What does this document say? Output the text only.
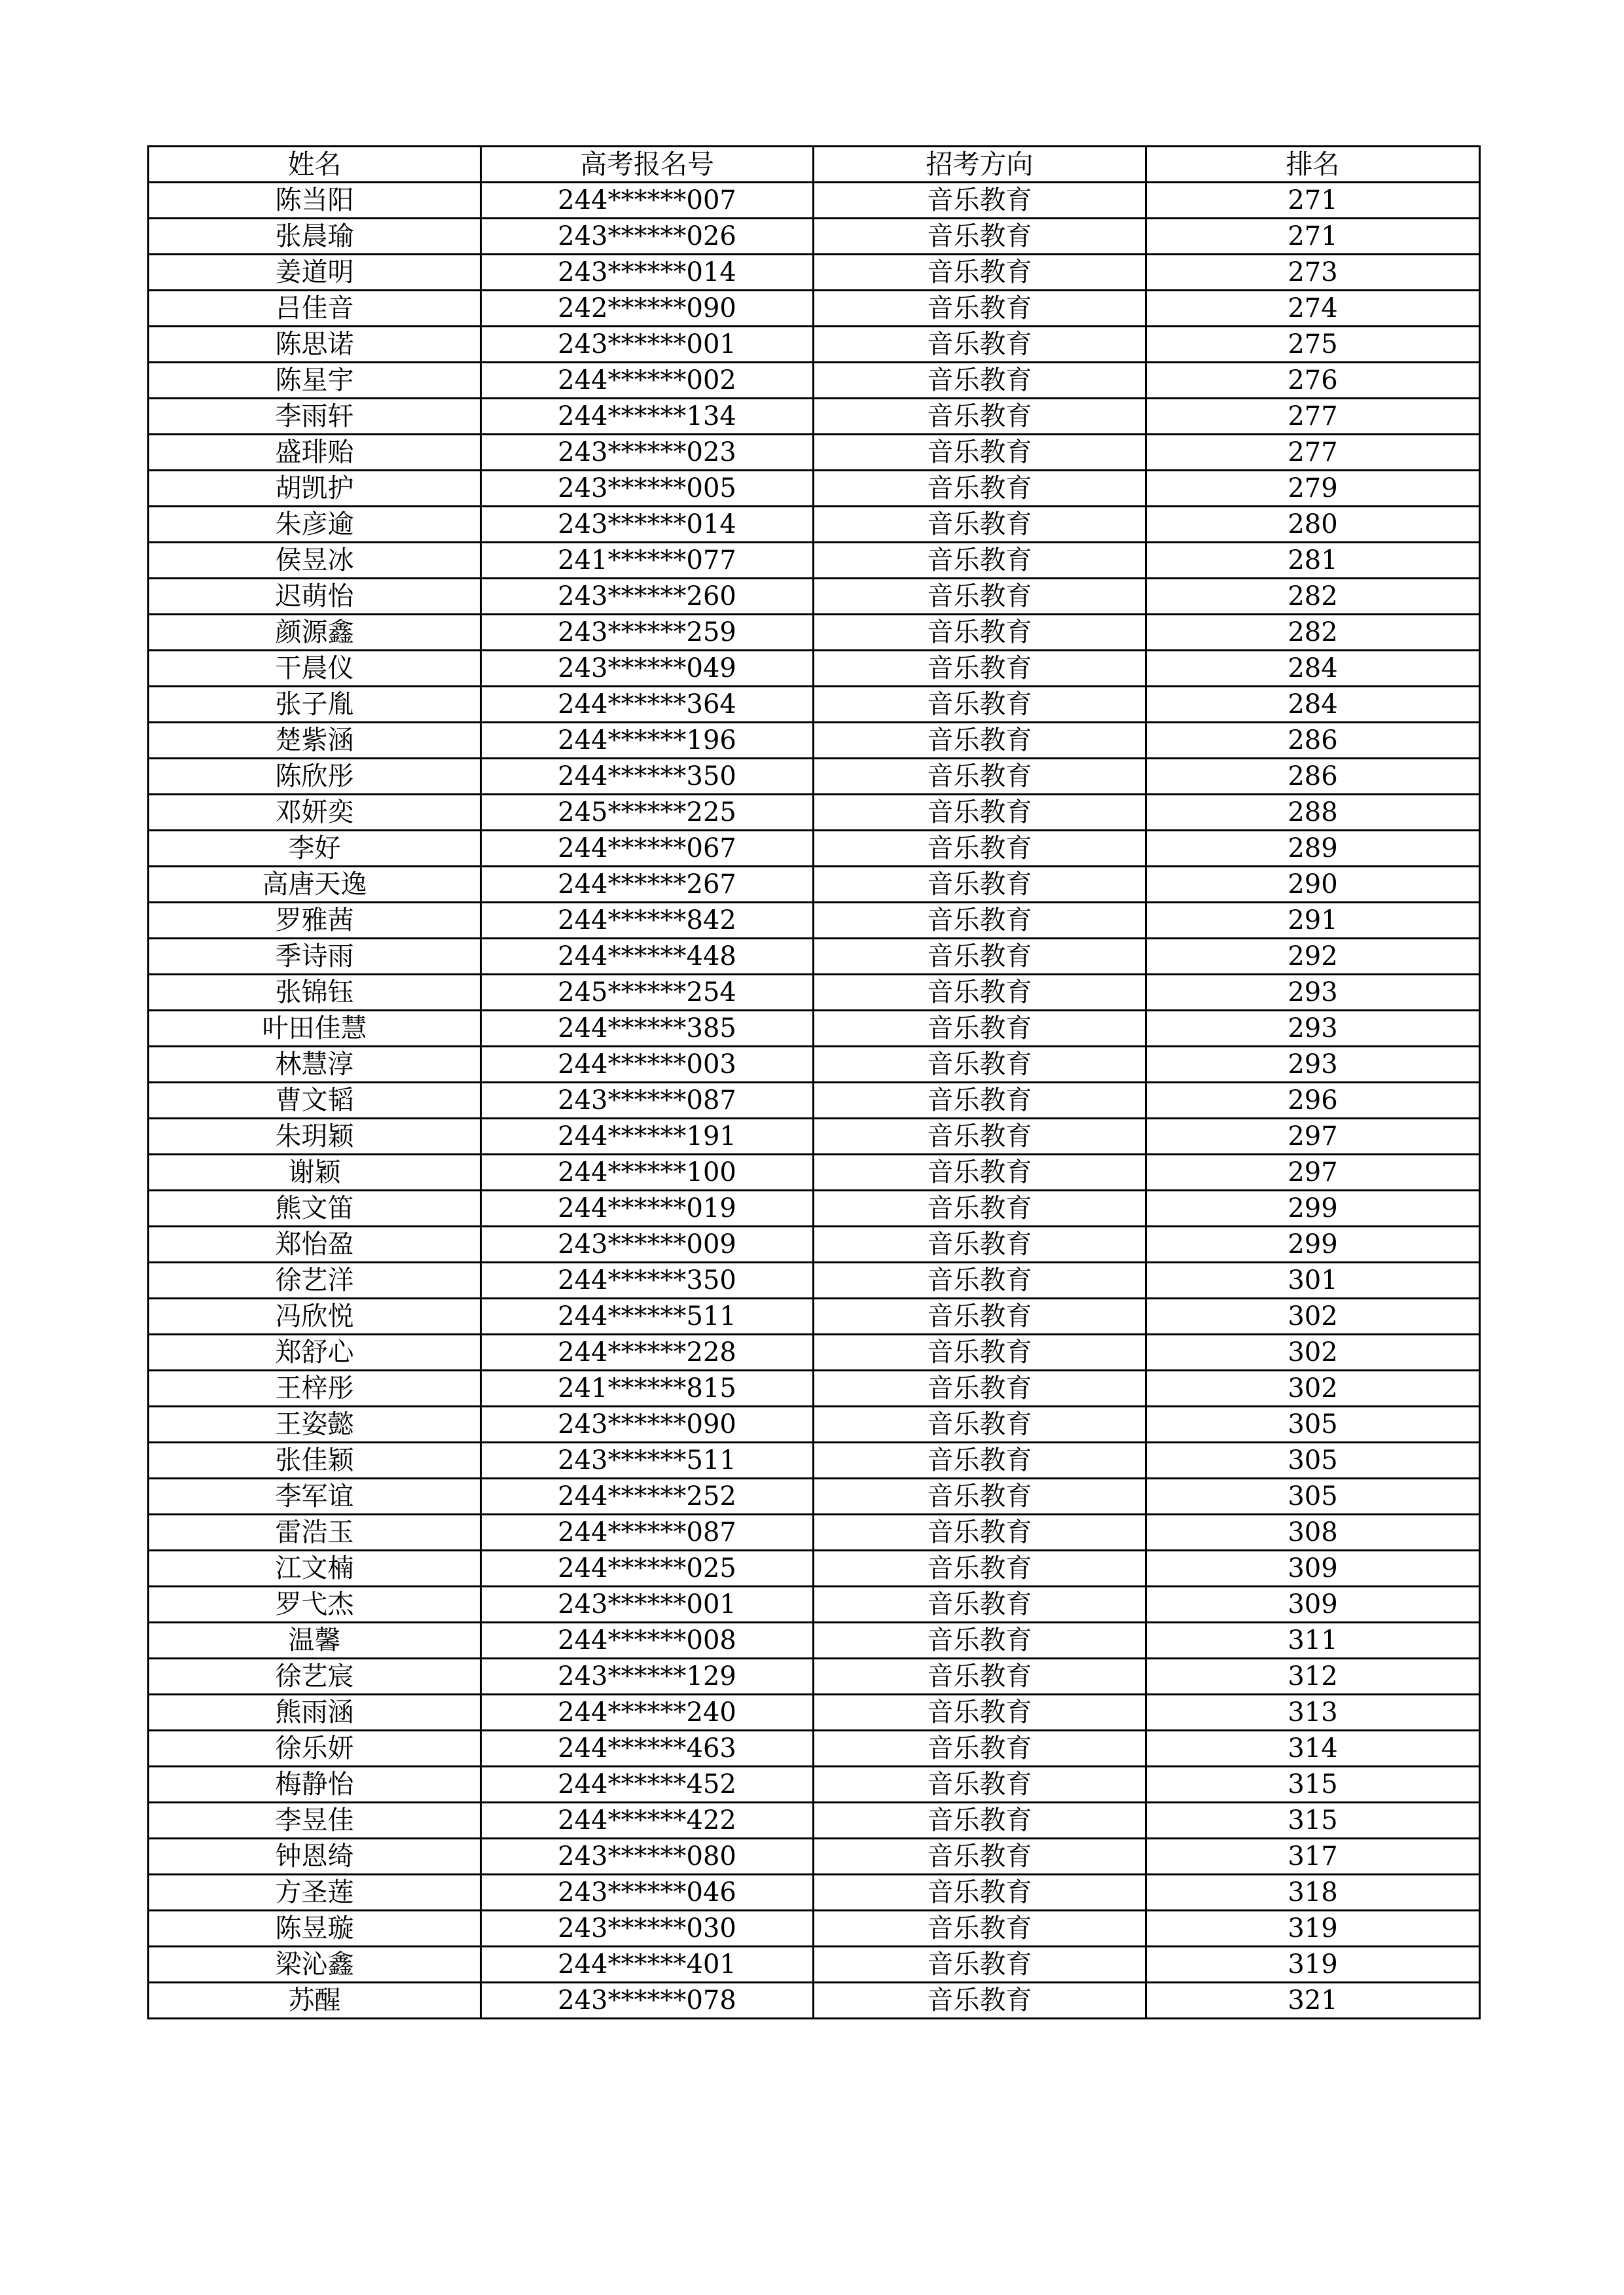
姓名	高考报名号	招考方向	排名
陈当阳	244******007	音乐教育	271
张晨瑜	243******026	音乐教育	271
姜道明	243******014	音乐教育	273
吕佳音	242******090	音乐教育	274
陈思诺	243******001	音乐教育	275
陈星宇	244******002	音乐教育	276
李雨轩	244******134	音乐教育	277
盛琲贻	243******023	音乐教育	277
胡凯护	243******005	音乐教育	279
朱彦逾	243******014	音乐教育	280
侯昱冰	241******077	音乐教育	281
迟萌怡	243******260	音乐教育	282
颜源鑫	243******259	音乐教育	282
干晨仪	243******049	音乐教育	284
张子胤	244******364	音乐教育	284
楚紫涵	244******196	音乐教育	286
陈欣彤	244******350	音乐教育	286
邓妍奕	245******225	音乐教育	288
李好	244******067	音乐教育	289
高唐天逸	244******267	音乐教育	290
罗雅茜	244******842	音乐教育	291
季诗雨	244******448	音乐教育	292
张锦钰	245******254	音乐教育	293
叶田佳慧	244******385	音乐教育	293
林慧淳	244******003	音乐教育	293
曹文韬	243******087	音乐教育	296
朱玥颖	244******191	音乐教育	297
谢颖	244******100	音乐教育	297
熊文笛	244******019	音乐教育	299
郑怡盈	243******009	音乐教育	299
徐艺洋	244******350	音乐教育	301
冯欣悦	244******511	音乐教育	302
郑舒心	244******228	音乐教育	302
王梓彤	241******815	音乐教育	302
王姿懿	243******090	音乐教育	305
张佳颖	243******511	音乐教育	305
李军谊	244******252	音乐教育	305
雷浩玉	244******087	音乐教育	308
江文楠	244******025	音乐教育	309
罗弋杰	243******001	音乐教育	309
温馨	244******008	音乐教育	311
徐艺宸	243******129	音乐教育	312
熊雨涵	244******240	音乐教育	313
徐乐妍	244******463	音乐教育	314
梅静怡	244******452	音乐教育	315
李昱佳	244******422	音乐教育	315
钟恩绮	243******080	音乐教育	317
方圣莲	243******046	音乐教育	318
陈昱璇	243******030	音乐教育	319
梁沁鑫	244******401	音乐教育	319
苏醒	243******078	音乐教育	321
